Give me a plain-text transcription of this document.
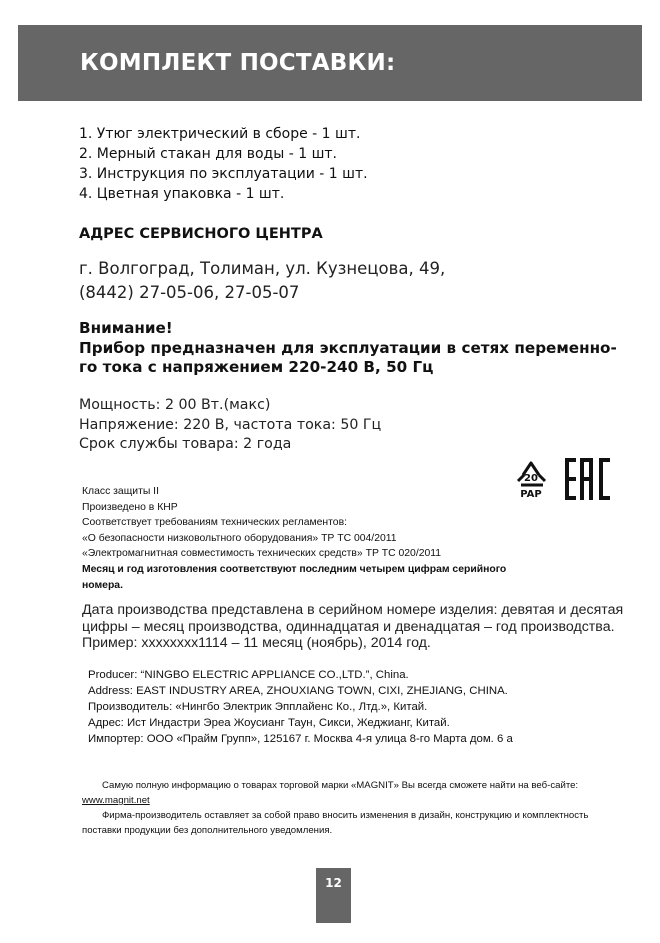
КОМПЛЕКТ ПОСТАВКИ:
1. Утюг электрический в сборе - 1 шт.
2. Мерный стакан для воды - 1 шт.
3. Инструкция по эксплуатации - 1 шт.
4. Цветная упаковка - 1 шт.
АДРЕС СЕРВИСНОГО ЦЕНТРА
г. Волгоград, Толиман, ул. Кузнецова, 49,
(8442) 27-05-06, 27-05-07
Внимание!
Прибор предназначен для эксплуатации в сетях переменно-
го тока с напряжением 220-240 В, 50 Гц
Мощность: 2 00 Вт.(макс)
Напряжение: 220 В, частота тока: 50 Гц
Срок службы товара: 2 года
20
PAP
Класс защиты II
Произведено в КНР
Соответствует требованиям технических регламентов:
«О безопасности низковольтного оборудования» ТР ТС 004/2011
«Электромагнитная совместимость технических средств» ТР ТС 020/2011
Месяц и год изготовления соответствуют последним четырем цифрам серийного
номера.
Дата производства представлена в серийном номере изделия: девятая и десятая
цифры – месяц производства, одиннадцатая и двенадцатая – год производства.
Пример: хххххххх1114 – 11 месяц (ноябрь), 2014 год.
Producer: “NINGBO ELECTRIC APPLIANCE CO.,LTD.”, China.
Address: EAST INDUSTRY AREA, ZHOUXIANG TOWN, CIXI, ZHEJIANG, CHINA.
Производитель: «Нингбо Электрик Эпплайенс Ко., Лтд.», Китай.
Адрес: Ист Индастри Эреа Жоусианг Таун, Сикси, Жеджианг, Китай.
Импортер: ООО «Прайм Групп», 125167 г. Москва 4-я улица 8-го Марта дом. 6 а
Самую полную информацию о товарах торговой марки «MAGNIT» Вы всегда сможете найти на веб-сайте:
www.magnit.net
Фирма-производитель оставляет за собой право вносить изменения в дизайн, конструкцию и комплектность
поставки продукции без дополнительного уведомления.
12
